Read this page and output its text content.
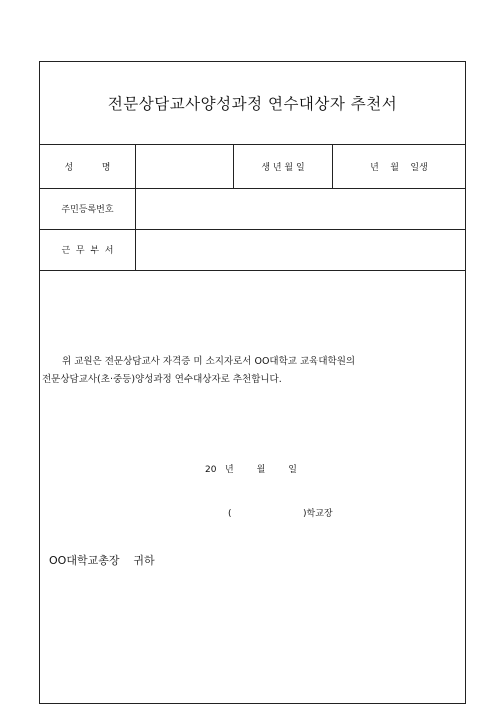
전문상담교사양성과정 연수대상자 추천서
성          명	생 년 월 일	년    월    일생
주민등록번호
근  무  부  서
위 교원은 전문상담교사 자격증 미 소지자로서 OO대학교 교육대학원의
전문상담교사(초·중등)양성과정 연수대상자로 추천합니다.
20   년        월        일
(                         )학교장
OO대학교총장    귀하
